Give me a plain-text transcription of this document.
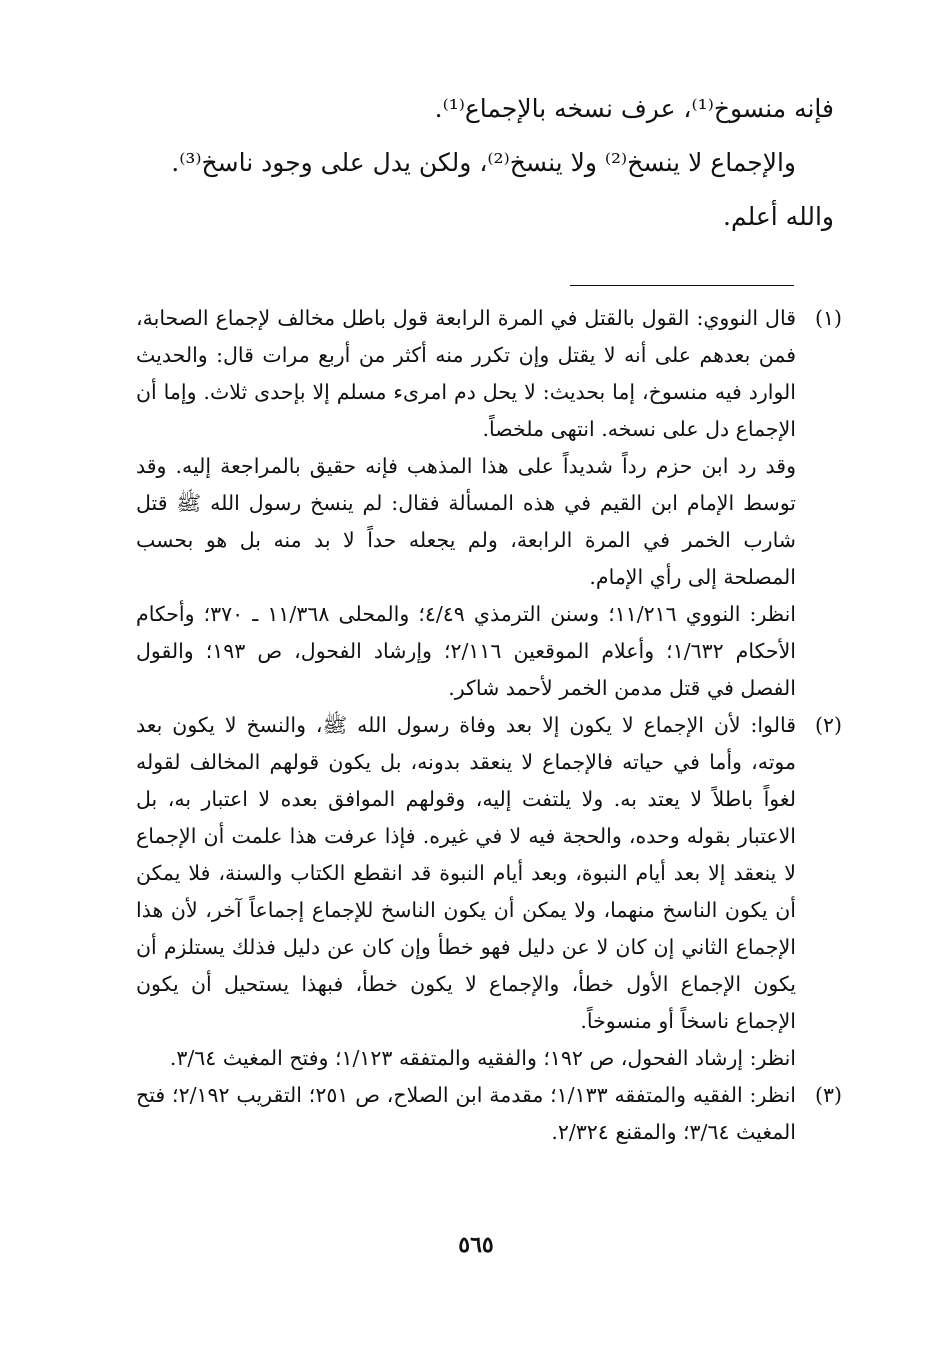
فإنه منسوخ⁽¹⁾، عرف نسخه بالإجماع⁽¹⁾.

والإجماع لا ينسخ⁽²⁾ ولا ينسخ⁽²⁾، ولكن يدل على وجود ناسخ⁽³⁾.

والله أعلم.

(١)

قال النووي: القول بالقتل في المرة الرابعة قول باطل مخالف لإجماع الصحابة، فمن بعدهم على أنه لا يقتل وإن تكرر منه أكثر من أربع مرات قال: والحديث الوارد فيه منسوخ، إما بحديث: لا يحل دم امرىء مسلم إلا بإحدى ثلاث. وإما أن الإجماع دل على نسخه. انتهى ملخصاً.

وقد رد ابن حزم رداً شديداً على هذا المذهب فإنه حقيق بالمراجعة إليه. وقد توسط الإمام ابن القيم في هذه المسألة فقال: لم ينسخ رسول الله ﷺ قتل شارب الخمر في المرة الرابعة، ولم يجعله حداً لا بد منه بل هو بحسب المصلحة إلى رأي الإمام.

انظر: النووي ١١/٢١٦؛ وسنن الترمذي ٤/٤٩؛ والمحلى ١١/٣٦٨ ـ ٣٧٠؛ وأحكام الأحكام ١/٦٣٢؛ وأعلام الموقعين ٢/١١٦؛ وإرشاد الفحول، ص ١٩٣؛ والقول الفصل في قتل مدمن الخمر لأحمد شاكر.

(٢)

قالوا: لأن الإجماع لا يكون إلا بعد وفاة رسول الله ﷺ، والنسخ لا يكون بعد موته، وأما في حياته فالإجماع لا ينعقد بدونه، بل يكون قولهم المخالف لقوله لغواً باطلاً لا يعتد به. ولا يلتفت إليه، وقولهم الموافق بعده لا اعتبار به، بل الاعتبار بقوله وحده، والحجة فيه لا في غيره. فإذا عرفت هذا علمت أن الإجماع لا ينعقد إلا بعد أيام النبوة، وبعد أيام النبوة قد انقطع الكتاب والسنة، فلا يمكن أن يكون الناسخ منهما، ولا يمكن أن يكون الناسخ للإجماع إجماعاً آخر، لأن هذا الإجماع الثاني إن كان لا عن دليل فهو خطأ وإن كان عن دليل فذلك يستلزم أن يكون الإجماع الأول خطأ، والإجماع لا يكون خطأ، فبهذا يستحيل أن يكون الإجماع ناسخاً أو منسوخاً.

انظر: إرشاد الفحول، ص ١٩٢؛ والفقيه والمتفقه ١/١٢٣؛ وفتح المغيث ٣/٦٤.

(٣)

انظر: الفقيه والمتفقه ١/١٣٣؛ مقدمة ابن الصلاح، ص ٢٥١؛ التقريب ٢/١٩٢؛ فتح المغيث ٣/٦٤؛ والمقنع ٢/٣٢٤.

٥٦٥
